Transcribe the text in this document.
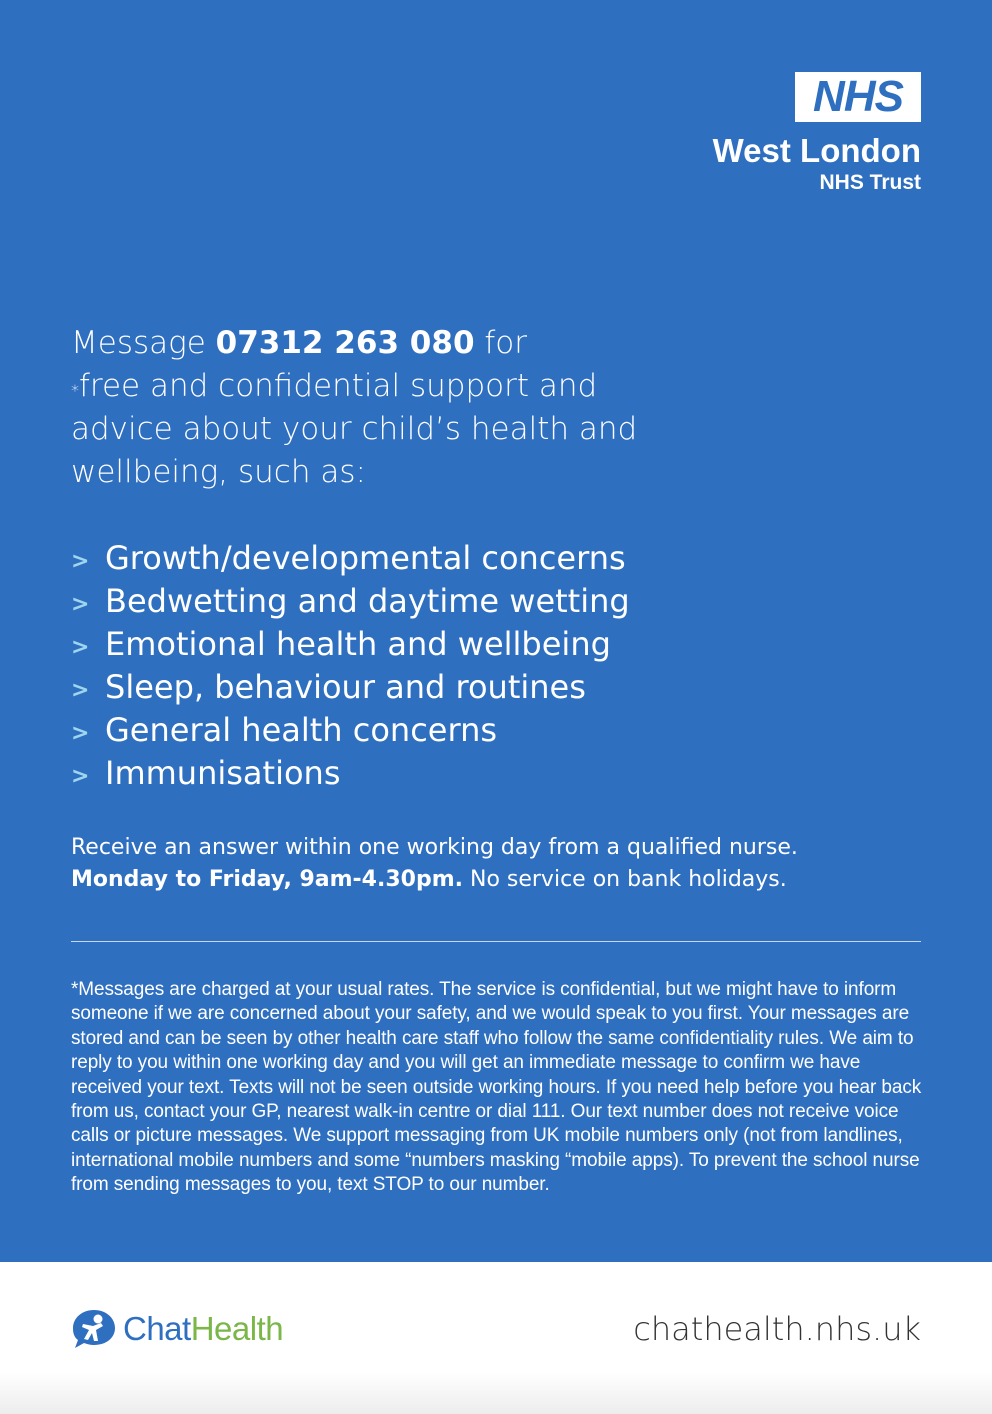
NHS
West London
NHS Trust
Message 07312 263 080 for
*free and confidential support and advice about your child’s health and wellbeing, such as:
> Growth/developmental concerns
> Bedwetting and daytime wetting
> Emotional health and wellbeing
> Sleep, behaviour and routines
> General health concerns
> Immunisations
Receive an answer within one working day from a qualified nurse.
Monday to Friday, 9am-4.30pm. No service on bank holidays.
*Messages are charged at your usual rates. The service is confidential, but we might have to inform someone if we are concerned about your safety, and we would speak to you first. Your messages are stored and can be seen by other health care staff who follow the same confidentiality rules. We aim to reply to you within one working day and you will get an immediate message to confirm we have received your text. Texts will not be seen outside working hours. If you need help before you hear back from us, contact your GP, nearest walk-in centre or dial 111. Our text number does not receive voice calls or picture messages. We support messaging from UK mobile numbers only (not from landlines, international mobile numbers and some “numbers masking “mobile apps). To prevent the school nurse from sending messages to you, text STOP to our number.
ChatHealth	chathealth.nhs.uk
